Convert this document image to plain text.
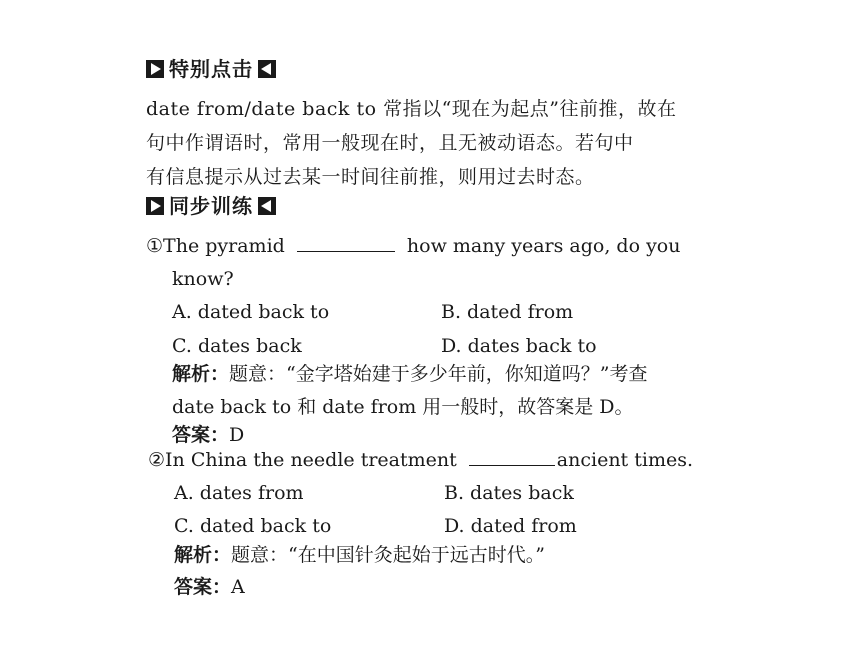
特别点击
date from/date back to 常指以“现在为起点”往前推，故在
句中作谓语时，常用一般现在时，且无被动语态。若句中
有信息提示从过去某一时间往前推，则用过去时态。
同步训练
①The pyramid	how many years ago, do you
know?
A. dated back to	B. dated from
C. dates back	D. dates back to
解析：题意：“金字塔始建于多少年前，你知道吗？”考查
date back to 和 date from 用一般时，故答案是 D。
答案：D
②In China the needle treatment	ancient times.
A. dates from	B. dates back
C. dated back to	D. dated from
解析：题意：“在中国针灸起始于远古时代。”
答案：A
